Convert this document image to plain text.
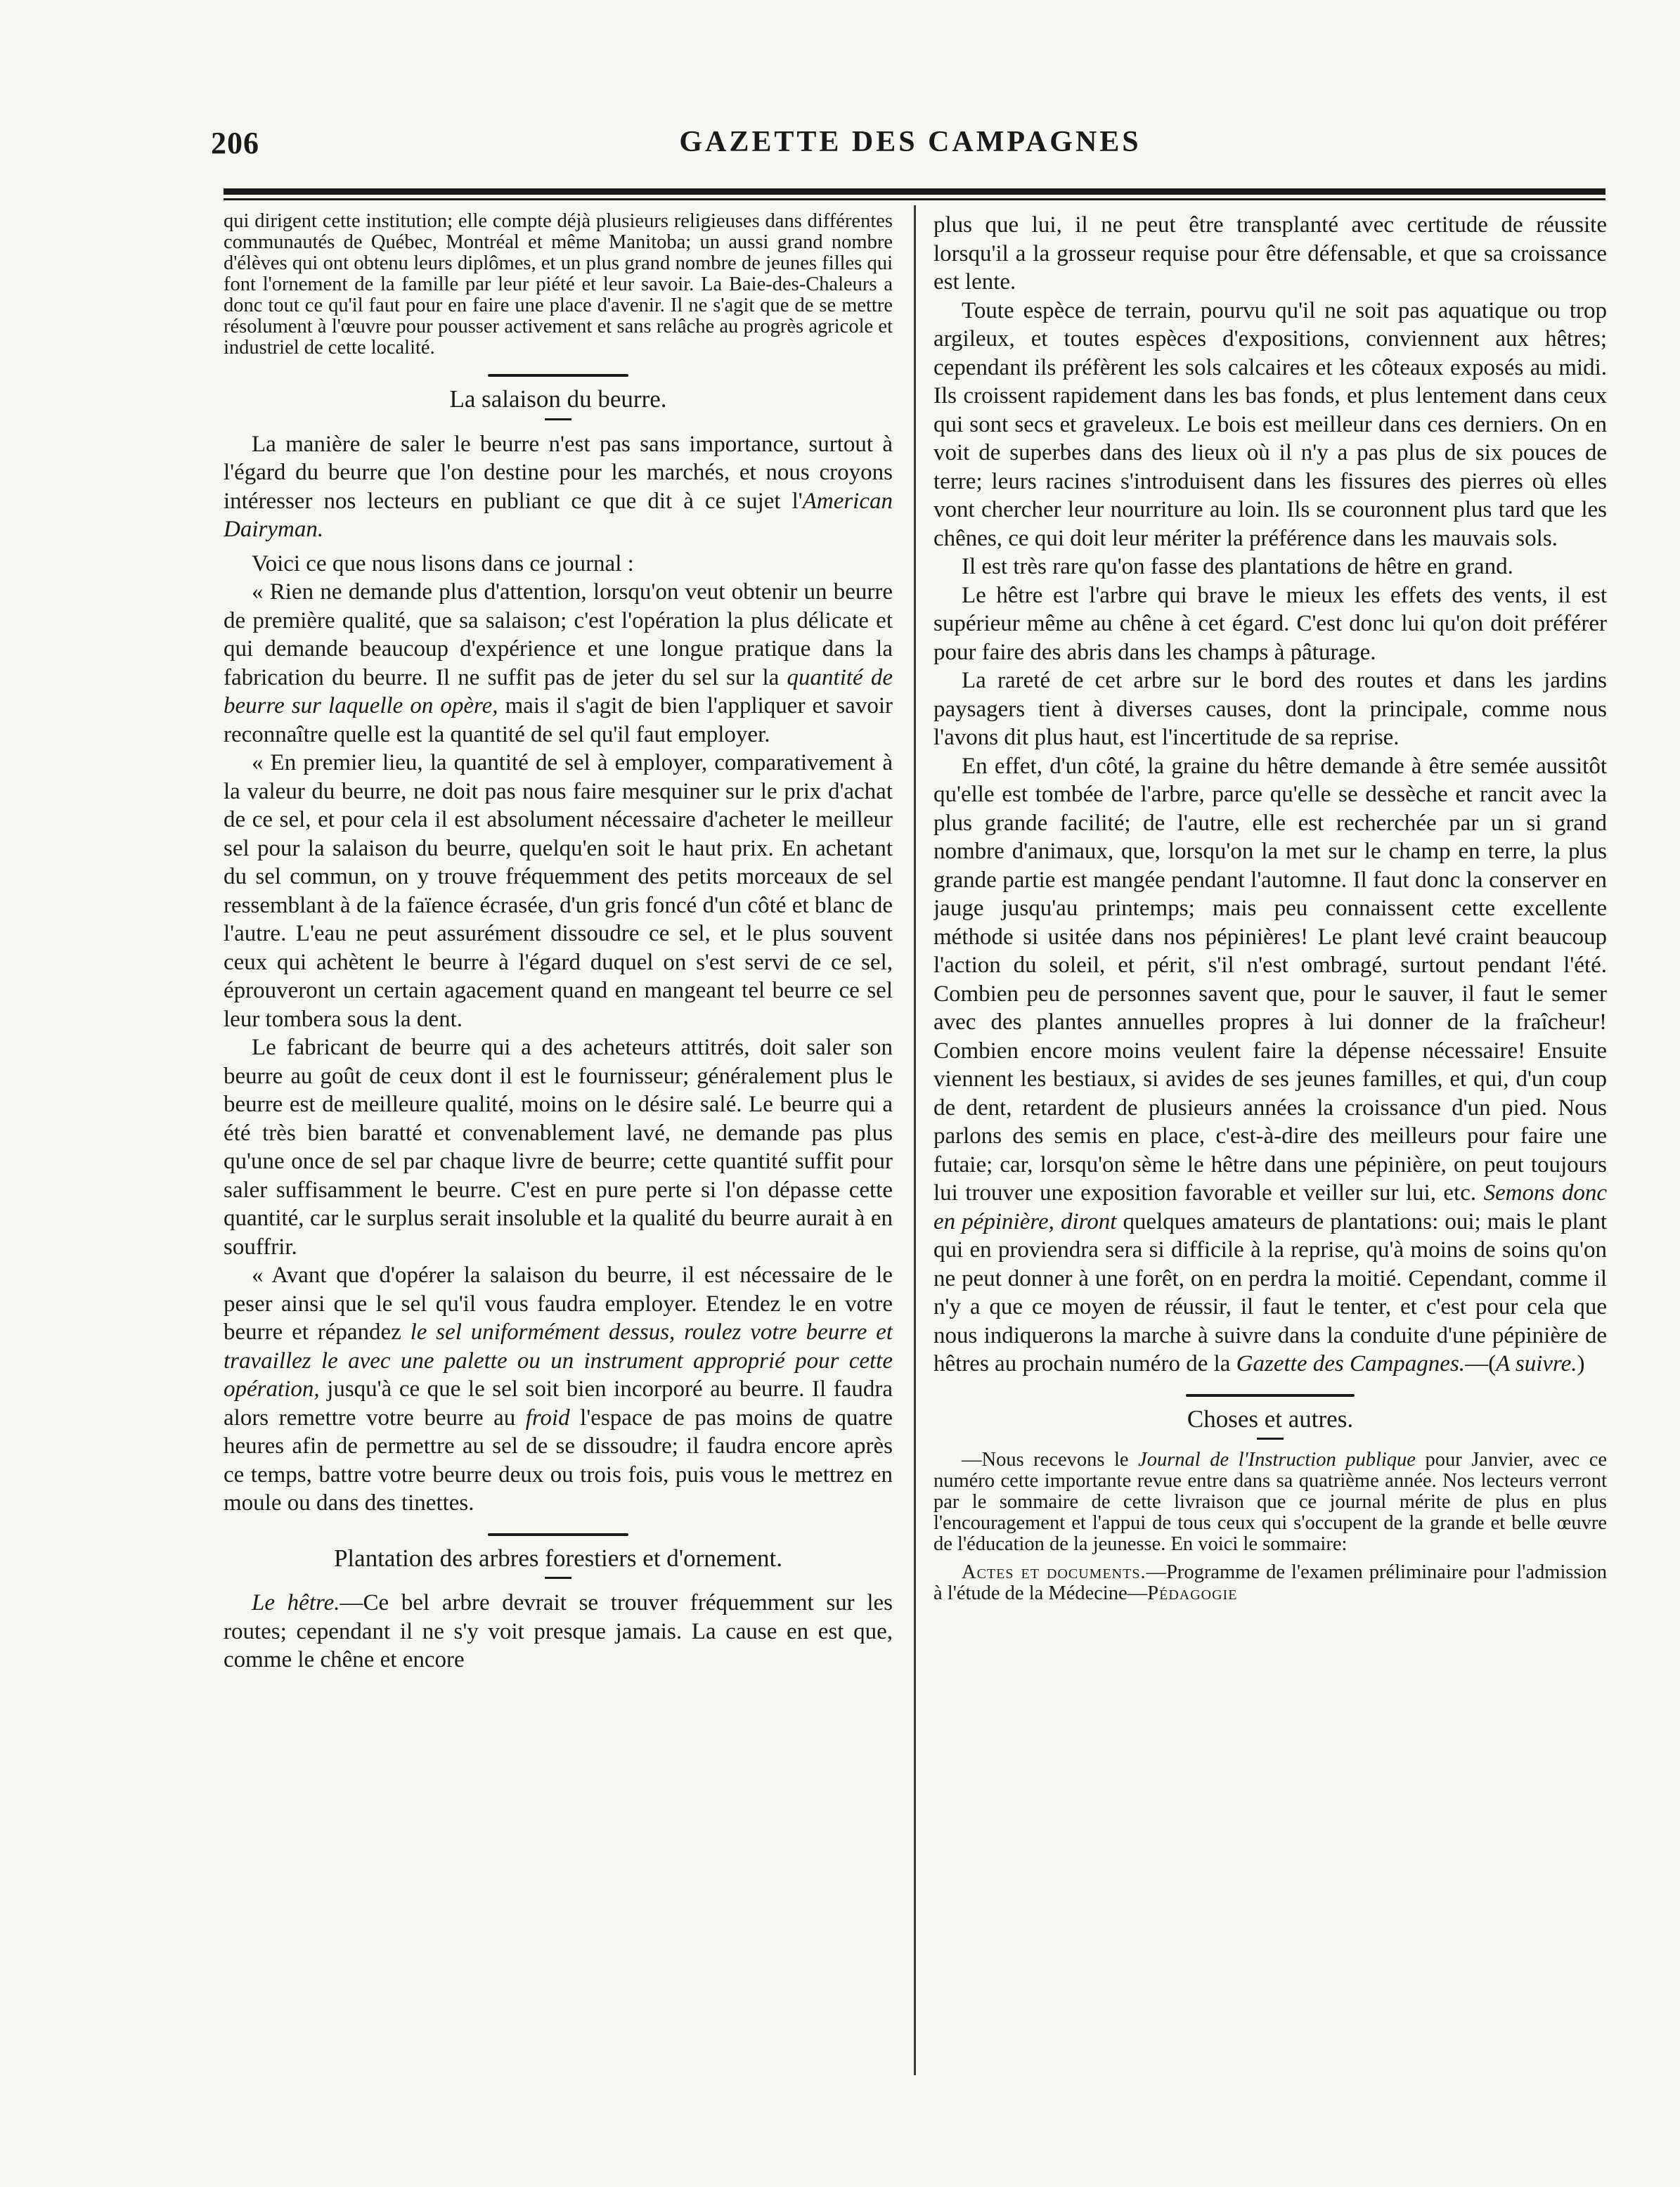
206	GAZETTE DES CAMPAGNES

qui dirigent cette institution; elle compte déjà plusieurs religieuses dans différentes communautés de Québec, Montréal et même Manitoba; un aussi grand nombre d'élèves qui ont obtenu leurs diplômes, et un plus grand nombre de jeunes filles qui font l'ornement de la famille par leur piété et leur savoir. La Baie-des-Chaleurs a donc tout ce qu'il faut pour en faire une place d'avenir. Il ne s'agit que de se mettre résolument à l'œuvre pour pousser activement et sans relâche au progrès agricole et industriel de cette localité.

La salaison du beurre.

La manière de saler le beurre n'est pas sans importance, surtout à l'égard du beurre que l'on destine pour les marchés, et nous croyons intéresser nos lecteurs en publiant ce que dit à ce sujet l'American Dairyman.

Voici ce que nous lisons dans ce journal :

« Rien ne demande plus d'attention, lorsqu'on veut obtenir un beurre de première qualité, que sa salaison; c'est l'opération la plus délicate et qui demande beaucoup d'expérience et une longue pratique dans la fabrication du beurre. Il ne suffit pas de jeter du sel sur la quantité de beurre sur laquelle on opère, mais il s'agit de bien l'appliquer et savoir reconnaître quelle est la quantité de sel qu'il faut employer.

« En premier lieu, la quantité de sel à employer, comparativement à la valeur du beurre, ne doit pas nous faire mesquiner sur le prix d'achat de ce sel, et pour cela il est absolument nécessaire d'acheter le meilleur sel pour la salaison du beurre, quelqu'en soit le haut prix. En achetant du sel commun, on y trouve fréquemment des petits morceaux de sel ressemblant à de la faïence écrasée, d'un gris foncé d'un côté et blanc de l'autre. L'eau ne peut assurément dissoudre ce sel, et le plus souvent ceux qui achètent le beurre à l'égard duquel on s'est servi de ce sel, éprouveront un certain agacement quand en mangeant tel beurre ce sel leur tombera sous la dent.

Le fabricant de beurre qui a des acheteurs attitrés, doit saler son beurre au goût de ceux dont il est le fournisseur; généralement plus le beurre est de meilleure qualité, moins on le désire salé. Le beurre qui a été très bien baratté et convenablement lavé, ne demande pas plus qu'une once de sel par chaque livre de beurre; cette quantité suffit pour saler suffisamment le beurre. C'est en pure perte si l'on dépasse cette quantité, car le surplus serait insoluble et la qualité du beurre aurait à en souffrir.

« Avant que d'opérer la salaison du beurre, il est nécessaire de le peser ainsi que le sel qu'il vous faudra employer. Etendez le en votre beurre et répandez le sel uniformément dessus, roulez votre beurre et travaillez le avec une palette ou un instrument approprié pour cette opération, jusqu'à ce que le sel soit bien incorporé au beurre. Il faudra alors remettre votre beurre au froid l'espace de pas moins de quatre heures afin de permettre au sel de se dissoudre; il faudra encore après ce temps, battre votre beurre deux ou trois fois, puis vous le mettrez en moule ou dans des tinettes.

Plantation des arbres forestiers et d'ornement.

Le hêtre.—Ce bel arbre devrait se trouver fréquemment sur les routes; cependant il ne s'y voit presque jamais. La cause en est que, comme le chêne et encore

plus que lui, il ne peut être transplanté avec certitude de réussite lorsqu'il a la grosseur requise pour être défensable, et que sa croissance est lente.

Toute espèce de terrain, pourvu qu'il ne soit pas aquatique ou trop argileux, et toutes espèces d'expositions, conviennent aux hêtres; cependant ils préfèrent les sols calcaires et les côteaux exposés au midi. Ils croissent rapidement dans les bas fonds, et plus lentement dans ceux qui sont secs et graveleux. Le bois est meilleur dans ces derniers. On en voit de superbes dans des lieux où il n'y a pas plus de six pouces de terre; leurs racines s'introduisent dans les fissures des pierres où elles vont chercher leur nourriture au loin. Ils se couronnent plus tard que les chênes, ce qui doit leur mériter la préférence dans les mauvais sols.

Il est très rare qu'on fasse des plantations de hêtre en grand.

Le hêtre est l'arbre qui brave le mieux les effets des vents, il est supérieur même au chêne à cet égard. C'est donc lui qu'on doit préférer pour faire des abris dans les champs à pâturage.

La rareté de cet arbre sur le bord des routes et dans les jardins paysagers tient à diverses causes, dont la principale, comme nous l'avons dit plus haut, est l'incertitude de sa reprise.

En effet, d'un côté, la graine du hêtre demande à être semée aussitôt qu'elle est tombée de l'arbre, parce qu'elle se dessèche et rancit avec la plus grande facilité; de l'autre, elle est recherchée par un si grand nombre d'animaux, que, lorsqu'on la met sur le champ en terre, la plus grande partie est mangée pendant l'automne. Il faut donc la conserver en jauge jusqu'au printemps; mais peu connaissent cette excellente méthode si usitée dans nos pépinières! Le plant levé craint beaucoup l'action du soleil, et périt, s'il n'est ombragé, surtout pendant l'été. Combien peu de personnes savent que, pour le sauver, il faut le semer avec des plantes annuelles propres à lui donner de la fraîcheur! Combien encore moins veulent faire la dépense nécessaire! Ensuite viennent les bestiaux, si avides de ses jeunes familles, et qui, d'un coup de dent, retardent de plusieurs années la croissance d'un pied. Nous parlons des semis en place, c'est-à-dire des meilleurs pour faire une futaie; car, lorsqu'on sème le hêtre dans une pépinière, on peut toujours lui trouver une exposition favorable et veiller sur lui, etc. Semons donc en pépinière, diront quelques amateurs de plantations: oui; mais le plant qui en proviendra sera si difficile à la reprise, qu'à moins de soins qu'on ne peut donner à une forêt, on en perdra la moitié. Cependant, comme il n'y a que ce moyen de réussir, il faut le tenter, et c'est pour cela que nous indiquerons la marche à suivre dans la conduite d'une pépinière de hêtres au prochain numéro de la Gazette des Campagnes.—(A suivre.)

Choses et autres.

—Nous recevons le Journal de l'Instruction publique pour Janvier, avec ce numéro cette importante revue entre dans sa quatrième année. Nos lecteurs verront par le sommaire de cette livraison que ce journal mérite de plus en plus l'encouragement et l'appui de tous ceux qui s'occupent de la grande et belle œuvre de l'éducation de la jeunesse. En voici le sommaire:

Actes et documents.—Programme de l'examen préliminaire pour l'admission à l'étude de la Médecine—Pédagogie
